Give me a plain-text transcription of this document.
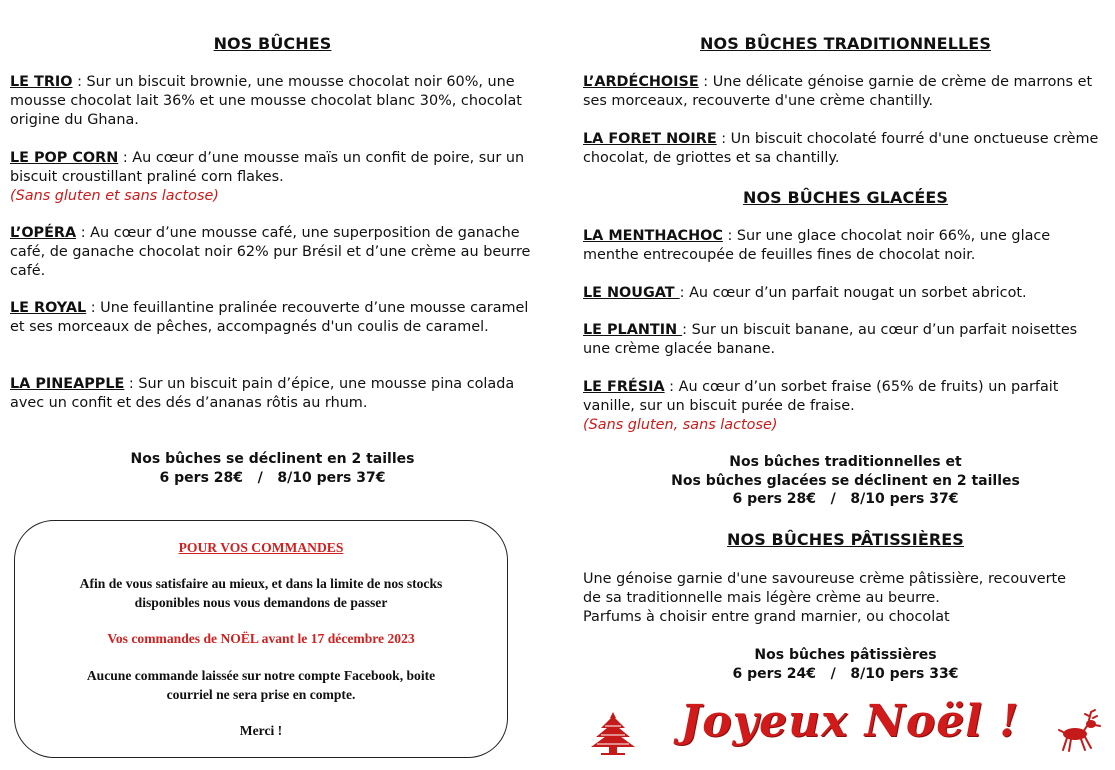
NOS BÛCHES
LE TRIO : Sur un biscuit brownie, une mousse chocolat noir 60%, une mousse chocolat lait 36% et une mousse chocolat blanc 30%, chocolat origine du Ghana.
LE POP CORN : Au cœur d’une mousse maïs un confit de poire, sur un biscuit croustillant praliné corn flakes.
(Sans gluten et sans lactose)
L’OPÉRA : Au cœur d’une mousse café, une superposition de ganache café, de ganache chocolat noir 62% pur Brésil et d’une crème au beurre café.
LE ROYAL : Une feuillantine pralinée recouverte d’une mousse caramel et ses morceaux de pêches, accompagnés d'un coulis de caramel.
LA PINEAPPLE : Sur un biscuit pain d’épice, une mousse pina colada avec un confit et des dés d’ananas rôtis au rhum.
Nos bûches se déclinent en 2 tailles
6 pers 28€   /   8/10 pers 37€
POUR VOS COMMANDES
Afin de vous satisfaire au mieux, et dans la limite de nos stocks
disponibles nous vous demandons de passer
Vos commandes de NOËL avant le 17 décembre 2023
Aucune commande laissée sur notre compte Facebook, boite
courriel ne sera prise en compte.
Merci !
NOS BÛCHES TRADITIONNELLES
L’ARDÉCHOISE : Une délicate génoise garnie de crème de marrons et ses morceaux, recouverte d'une crème chantilly.
LA FORET NOIRE : Un biscuit chocolaté fourré d'une onctueuse crème chocolat, de griottes et sa chantilly.
NOS BÛCHES GLACÉES
LA MENTHACHOC : Sur une glace chocolat noir 66%, une glace menthe entrecoupée de feuilles fines de chocolat noir.
LE NOUGAT : Au cœur d’un parfait nougat un sorbet abricot.
LE PLANTIN : Sur un biscuit banane, au cœur d’un parfait noisettes une crème glacée banane.
LE FRÉSIA : Au cœur d’un sorbet fraise (65% de fruits) un parfait vanille, sur un biscuit purée de fraise.
(Sans gluten, sans lactose)
Nos bûches traditionnelles et
Nos bûches glacées se déclinent en 2 tailles
6 pers 28€   /   8/10 pers 37€
NOS BÛCHES PÂTISSIÈRES
Une génoise garnie d'une savoureuse crème pâtissière, recouverte
de sa traditionnelle mais légère crème au beurre.
Parfums à choisir entre grand marnier, ou chocolat
Nos bûches pâtissières
6 pers 24€   /   8/10 pers 33€
Joyeux Noël !
